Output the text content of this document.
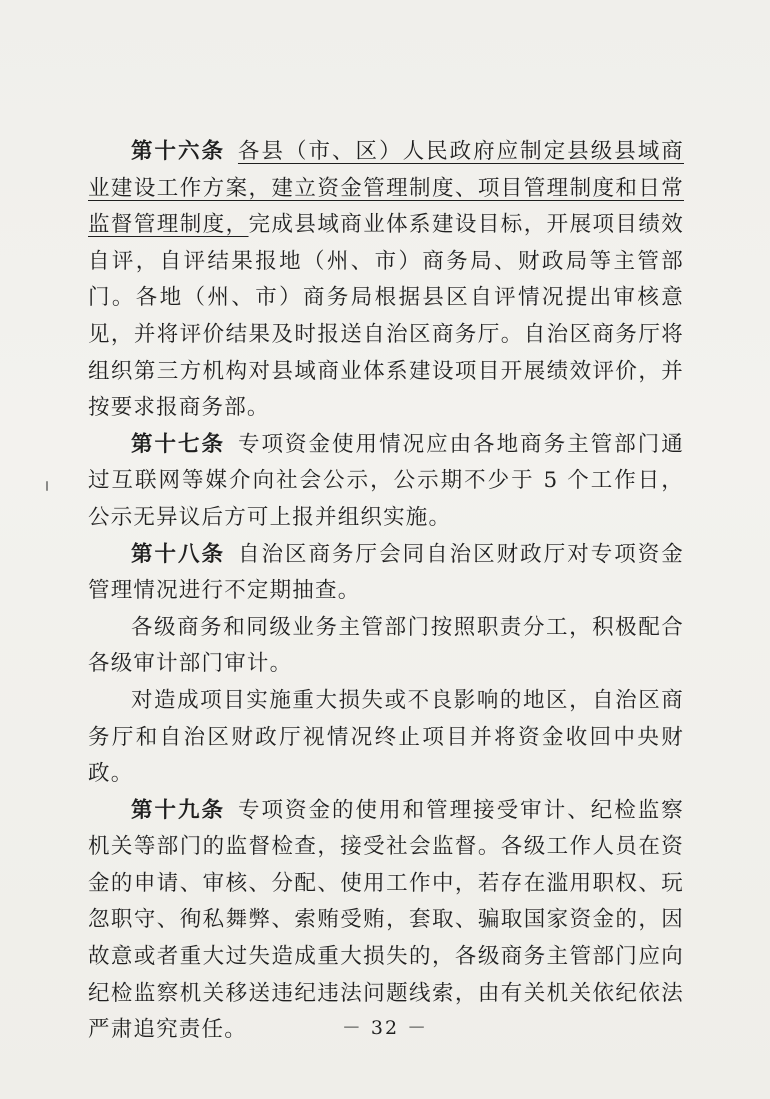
第十六条 各县（市、区）人民政府应制定县级县域商业建设工作方案，建立资金管理制度、项目管理制度和日常监督管理制度，完成县域商业体系建设目标，开展项目绩效自评，自评结果报地（州、市）商务局、财政局等主管部门。各地（州、市）商务局根据县区自评情况提出审核意见，并将评价结果及时报送自治区商务厅。自治区商务厅将组织第三方机构对县域商业体系建设项目开展绩效评价，并按要求报商务部。

第十七条 专项资金使用情况应由各地商务主管部门通过互联网等媒介向社会公示，公示期不少于 5 个工作日，公示无异议后方可上报并组织实施。

第十八条 自治区商务厅会同自治区财政厅对专项资金管理情况进行不定期抽查。

各级商务和同级业务主管部门按照职责分工，积极配合各级审计部门审计。

对造成项目实施重大损失或不良影响的地区，自治区商务厅和自治区财政厅视情况终止项目并将资金收回中央财政。

第十九条 专项资金的使用和管理接受审计、纪检监察机关等部门的监督检查，接受社会监督。各级工作人员在资金的申请、审核、分配、使用工作中，若存在滥用职权、玩忽职守、徇私舞弊、索贿受贿，套取、骗取国家资金的，因故意或者重大过失造成重大损失的，各级商务主管部门应向纪检监察机关移送违纪违法问题线索，由有关机关依纪依法严肃追究责任。	－ 32 －
